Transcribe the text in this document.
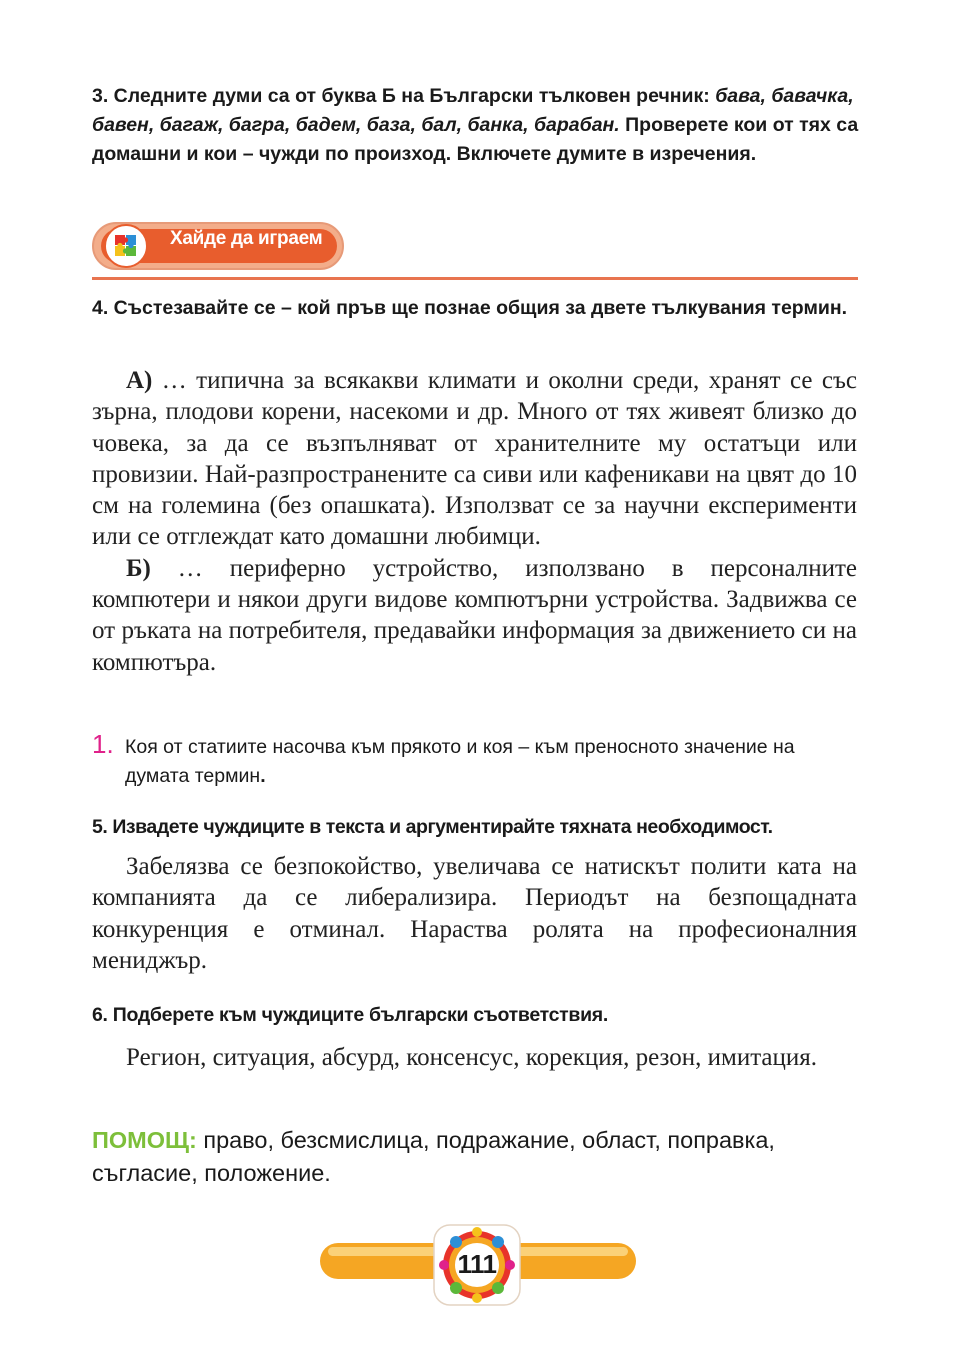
3. Следните думи са от буква Б на Български тълковен речник: бава, бавачка, бавен, багаж, багра, бадем, база, бал, банка, барабан. Проверете кои от тях са домашни и кои – чужди по произход. Включете думите в изречения.
Хайде да играем
4. Състезавайте се – кой пръв ще познае общия за двете тълкувания термин.

А) … типична за всякакви климати и околни среди, хранят се със зърна, плодови корени, насекоми и др. Много от тях живеят близко до човека, за да се възпълняват от хранителните му остатъци или провизии. Най-разпространените са сиви или кафеникави на цвят до 10 см на големина (без опашката). Използват се за научни експерименти или се отглеждат като домашни любимци.

Б) … периферно устройство, използвано в персоналните компютери и някои други видове компютърни устройства. Задвижва се от ръката на потребителя, предавайки информация за движението си на компютъра.

1. Коя от статиите насочва към прякото и коя – към преносното значение на думата термин.
5. Извадете чуждиците в текста и аргументирайте тяхната необходимост.

Забелязва се безпокойство, увеличава се натискът полити ката на компанията да се либерализира. Периодът на безпощадната конкуренция е отминал. Нараства ролята на професионалния мениджър.

6. Подберете към чуждиците български съответствия.

Регион, ситуация, абсурд, консенсус, корекция, резон, имитация.

ПОМОЩ: право, безсмислица, подражание, област, поправка, съгласие, положение.
111
